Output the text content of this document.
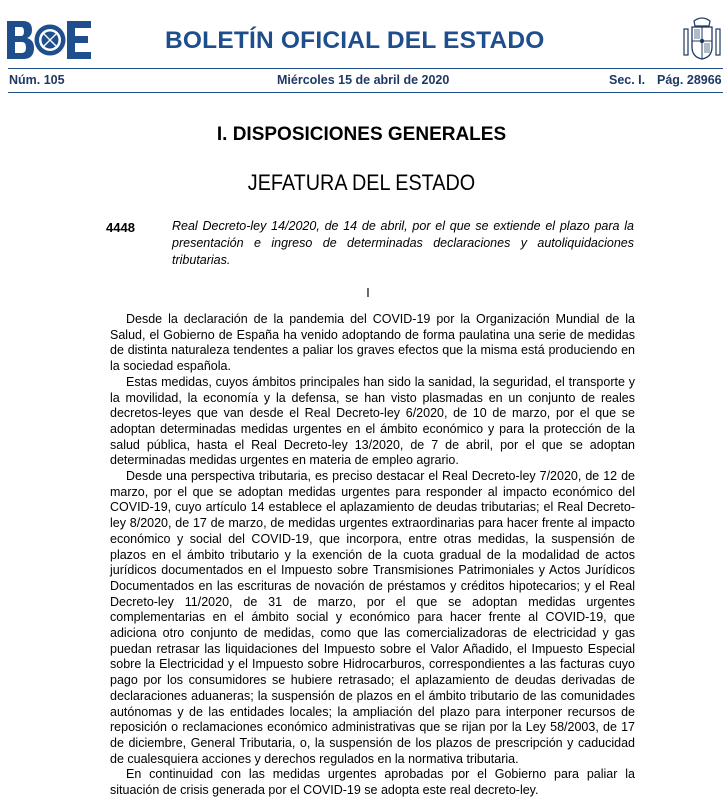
BOLETÍN OFICIAL DEL ESTADO
Núm. 105	Miércoles 15 de abril de 2020	Sec. I. Pág. 28966
I. DISPOSICIONES GENERALES
JEFATURA DEL ESTADO
4448	Real Decreto-ley 14/2020, de 14 de abril, por el que se extiende el plazo para la presentación e ingreso de determinadas declaraciones y autoliquidaciones tributarias.
I

Desde la declaración de la pandemia del COVID-19 por la Organización Mundial de la Salud, el Gobierno de España ha venido adoptando de forma paulatina una serie de medidas de distinta naturaleza tendentes a paliar los graves efectos que la misma está produciendo en la sociedad española.

Estas medidas, cuyos ámbitos principales han sido la sanidad, la seguridad, el transporte y la movilidad, la economía y la defensa, se han visto plasmadas en un conjunto de reales decretos-leyes que van desde el Real Decreto-ley 6/2020, de 10 de marzo, por el que se adoptan determinadas medidas urgentes en el ámbito económico y para la protección de la salud pública, hasta el Real Decreto-ley 13/2020, de 7 de abril, por el que se adoptan determinadas medidas urgentes en materia de empleo agrario.

Desde una perspectiva tributaria, es preciso destacar el Real Decreto-ley 7/2020, de 12 de marzo, por el que se adoptan medidas urgentes para responder al impacto económico del COVID-19, cuyo artículo 14 establece el aplazamiento de deudas tributarias; el Real Decreto-ley 8/2020, de 17 de marzo, de medidas urgentes extraordinarias para hacer frente al impacto económico y social del COVID-19, que incorpora, entre otras medidas, la suspensión de plazos en el ámbito tributario y la exención de la cuota gradual de la modalidad de actos jurídicos documentados en el Impuesto sobre Transmisiones Patrimoniales y Actos Jurídicos Documentados en las escrituras de novación de préstamos y créditos hipotecarios; y el Real Decreto-ley 11/2020, de 31 de marzo, por el que se adoptan medidas urgentes complementarias en el ámbito social y económico para hacer frente al COVID-19, que adiciona otro conjunto de medidas, como que las comercializadoras de electricidad y gas puedan retrasar las liquidaciones del Impuesto sobre el Valor Añadido, el Impuesto Especial sobre la Electricidad y el Impuesto sobre Hidrocarburos, correspondientes a las facturas cuyo pago por los consumidores se hubiere retrasado; el aplazamiento de deudas derivadas de declaraciones aduaneras; la suspensión de plazos en el ámbito tributario de las comunidades autónomas y de las entidades locales; la ampliación del plazo para interponer recursos de reposición o reclamaciones económico administrativas que se rijan por la Ley 58/2003, de 17 de diciembre, General Tributaria, o, la suspensión de los plazos de prescripción y caducidad de cualesquiera acciones y derechos regulados en la normativa tributaria.

En continuidad con las medidas urgentes aprobadas por el Gobierno para paliar la situación de crisis generada por el COVID-19 se adopta este real decreto-ley.
